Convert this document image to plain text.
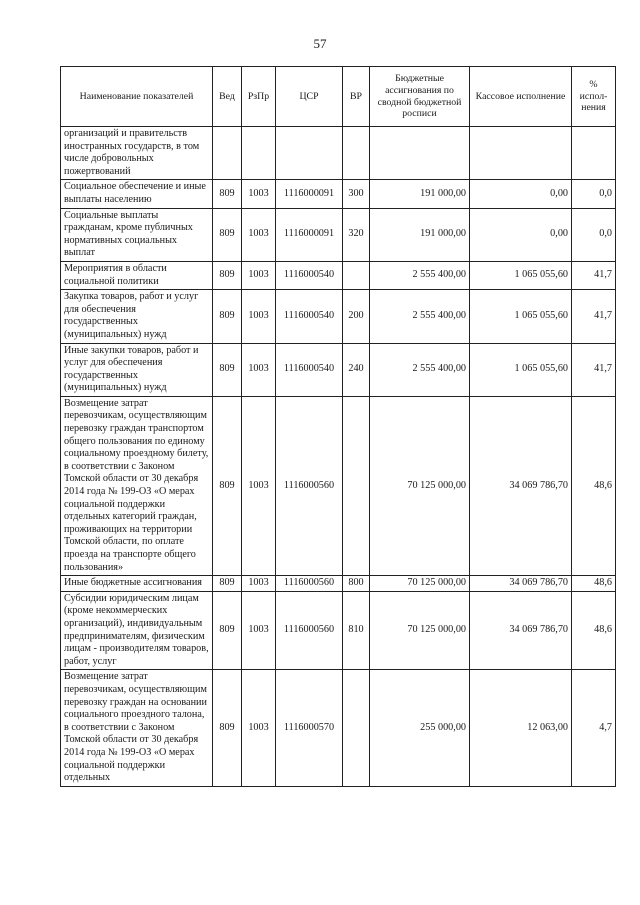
57
Наименование показателей	Вед	РзПр	ЦСР	ВР	Бюджетные ассигнования по сводной бюджетной росписи	Кассовое исполнение	% испол-нения
организаций и правительств иностранных государств, в том числе добровольных пожертвований							
Социальное обеспечение и иные выплаты населению	809	1003	1116000091	300	191 000,00	0,00	0,0
Социальные выплаты гражданам, кроме публичных нормативных социальных выплат	809	1003	1116000091	320	191 000,00	0,00	0,0
Мероприятия в области социальной политики	809	1003	1116000540		2 555 400,00	1 065 055,60	41,7
Закупка товаров, работ и услуг для обеспечения государственных (муниципальных) нужд	809	1003	1116000540	200	2 555 400,00	1 065 055,60	41,7
Иные закупки товаров, работ и услуг для обеспечения государственных (муниципальных) нужд	809	1003	1116000540	240	2 555 400,00	1 065 055,60	41,7
Возмещение затрат перевозчикам, осуществляющим перевозку граждан транспортом общего пользования по единому социальному проездному билету, в соответствии с Законом Томской области от 30 декабря 2014 года № 199-ОЗ «О мерах социальной поддержки отдельных категорий граждан, проживающих на территории Томской области, по оплате проезда на транспорте общего пользования»	809	1003	1116000560		70 125 000,00	34 069 786,70	48,6
Иные бюджетные ассигнования	809	1003	1116000560	800	70 125 000,00	34 069 786,70	48,6
Субсидии юридическим лицам (кроме некоммерческих организаций), индивидуальным предпринимателям, физическим лицам - производителям товаров, работ, услуг	809	1003	1116000560	810	70 125 000,00	34 069 786,70	48,6
Возмещение затрат перевозчикам, осуществляющим перевозку граждан на основании социального проездного талона, в соответствии с Законом Томской области от 30 декабря 2014 года № 199-ОЗ «О мерах социальной поддержки отдельных	809	1003	1116000570		255 000,00	12 063,00	4,7
